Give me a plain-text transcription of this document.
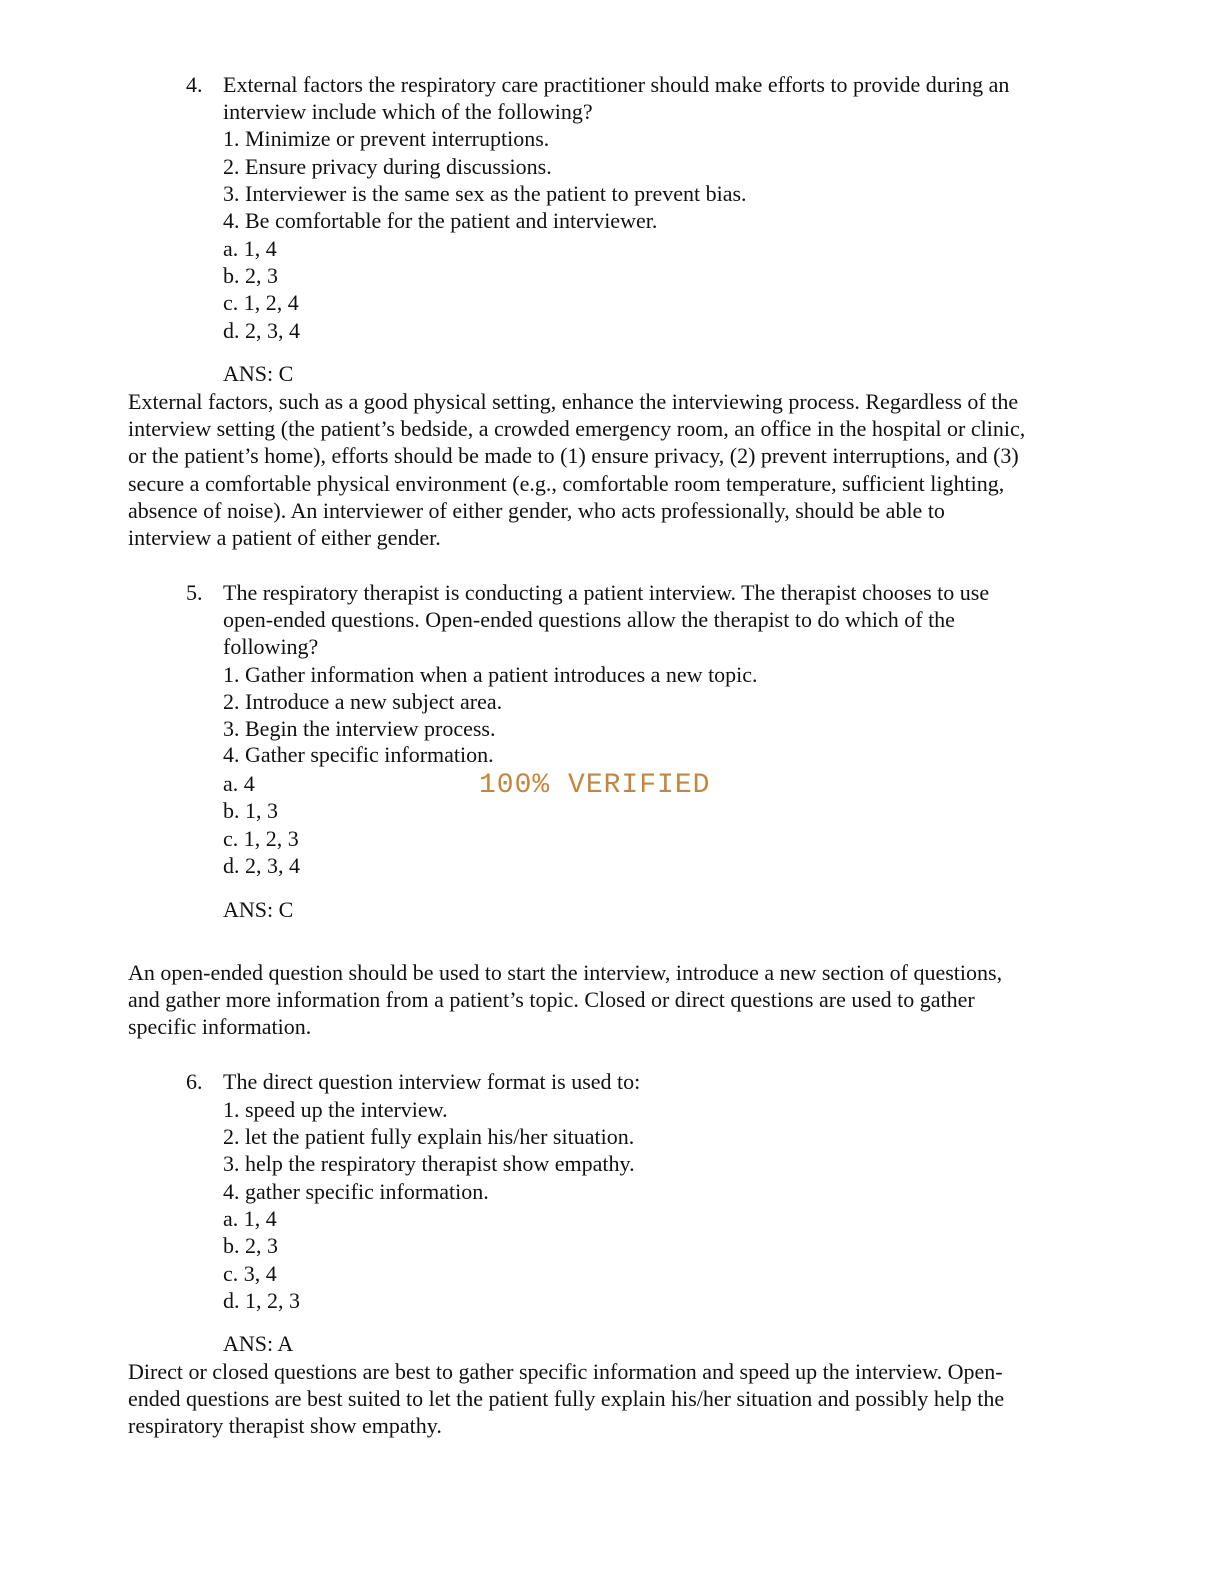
4. External factors the respiratory care practitioner should make efforts to provide during an
interview include which of the following?
1. Minimize or prevent interruptions.
2. Ensure privacy during discussions.
3. Interviewer is the same sex as the patient to prevent bias.
4. Be comfortable for the patient and interviewer.
a. 1, 4
b. 2, 3
c. 1, 2, 4
d. 2, 3, 4
ANS: C
External factors, such as a good physical setting, enhance the interviewing process. Regardless of the
interview setting (the patient’s bedside, a crowded emergency room, an office in the hospital or clinic,
or the patient’s home), efforts should be made to (1) ensure privacy, (2) prevent interruptions, and (3)
secure a comfortable physical environment (e.g., comfortable room temperature, sufficient lighting,
absence of noise). An interviewer of either gender, who acts professionally, should be able to
interview a patient of either gender.
5. The respiratory therapist is conducting a patient interview. The therapist chooses to use
open-ended questions. Open-ended questions allow the therapist to do which of the
following?
1. Gather information when a patient introduces a new topic.
2. Introduce a new subject area.
3. Begin the interview process.
4. Gather specific information.
a. 4
b. 1, 3
c. 1, 2, 3
d. 2, 3, 4
ANS: C
An open-ended question should be used to start the interview, introduce a new section of questions,
and gather more information from a patient’s topic. Closed or direct questions are used to gather
specific information.
6. The direct question interview format is used to:
1. speed up the interview.
2. let the patient fully explain his/her situation.
3. help the respiratory therapist show empathy.
4. gather specific information.
a. 1, 4
b. 2, 3
c. 3, 4
d. 1, 2, 3
ANS: A
Direct or closed questions are best to gather specific information and speed up the interview. Open-
ended questions are best suited to let the patient fully explain his/her situation and possibly help the
respiratory therapist show empathy.
100% VERIFIED
